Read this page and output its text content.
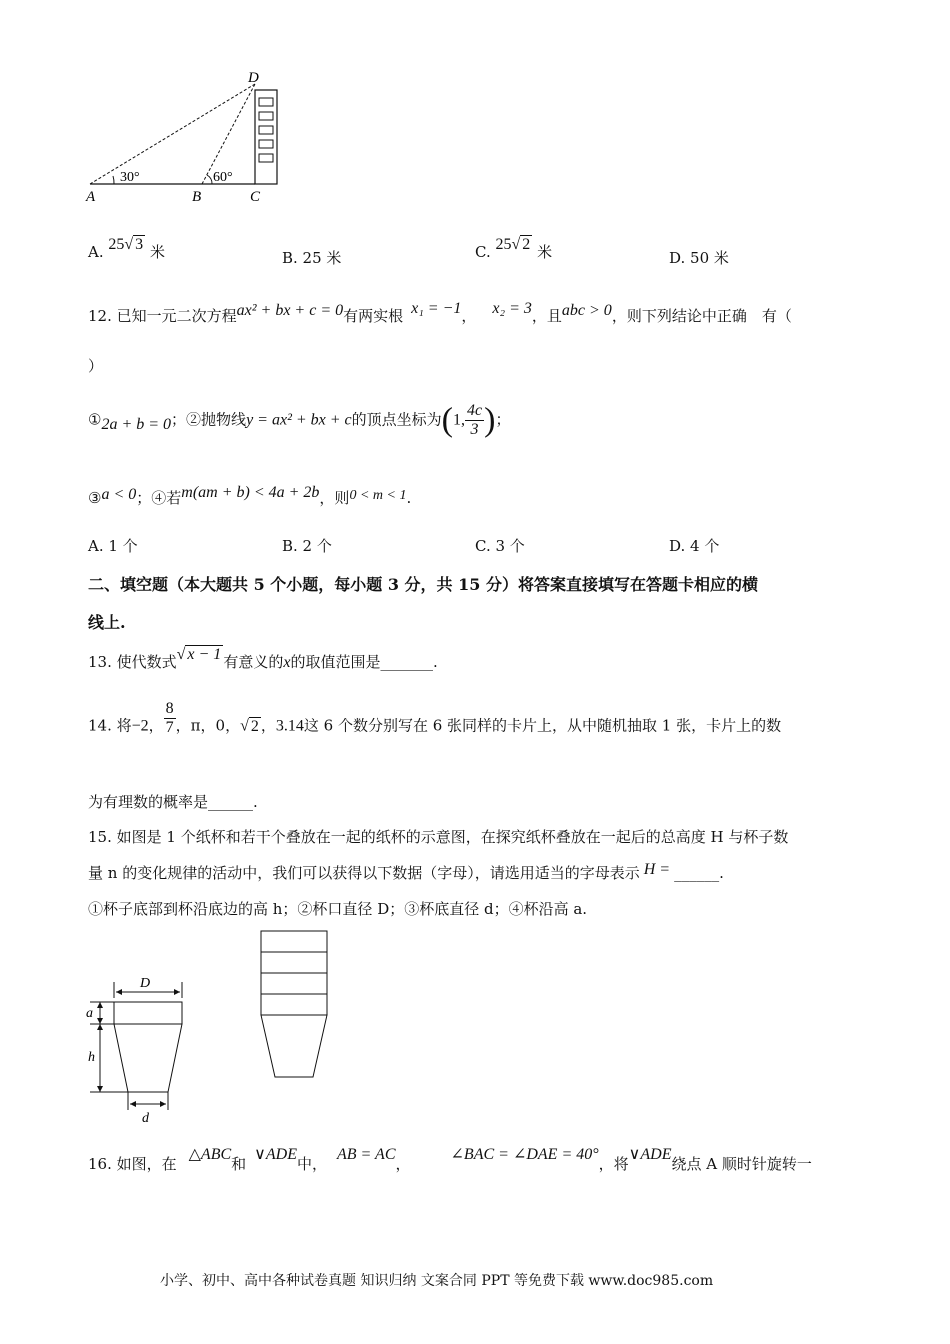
D
A	B	C
30°	60°
A. 25√ 3 米	B. 25 米	C. 25√ 2 米	D. 50 米
12. 已知一元二次方程ax² + bx + c = 0有两实根 x₁ = −1， x₂ = 3，且abc > 0，则下列结论中正确　有（
）
①2a + b = 0；②抛物线y = ax² + bx + c的顶点坐标为(1, $\frac{4c}{3}$ )；
③a < 0；④若m(am + b) < 4a + 2b，则0 < m < 1.
A. 1 个	B. 2 个	C. 3 个	D. 4 个
二、填空题（本大题共 5 个小题，每小题 3 分，共 15 分）将答案直接填写在答题卡相应的横
线上.
13. 使代数式√ x − 1 有意义的x的取值范围是_______.
14. 将−2， $\frac{8}{7}$ ，π，0，√ 2 ，3.14这 6 个数分别写在 6 张同样的卡片上，从中随机抽取 1 张，卡片上的数
为有理数的概率是______.
15. 如图是 1 个纸杯和若干个叠放在一起的纸杯的示意图，在探究纸杯叠放在一起后的总高度 H 与杯子数
量 n 的变化规律的活动中，我们可以获得以下数据（字母），请选用适当的字母表示 H = ______.
①杯子底部到杯沿底边的高 h；②杯口直径 D；③杯底直径 d；④杯沿高 a.
D
a
h
d
16. 如图，在△ABC和∨ADE中，AB = AC，∠BAC = ∠DAE = 40°，将∨ADE绕点 A 顺时针旋转一
小学、初中、高中各种试卷真题 知识归纳 文案合同 PPT 等免费下载 www.doc985.com
